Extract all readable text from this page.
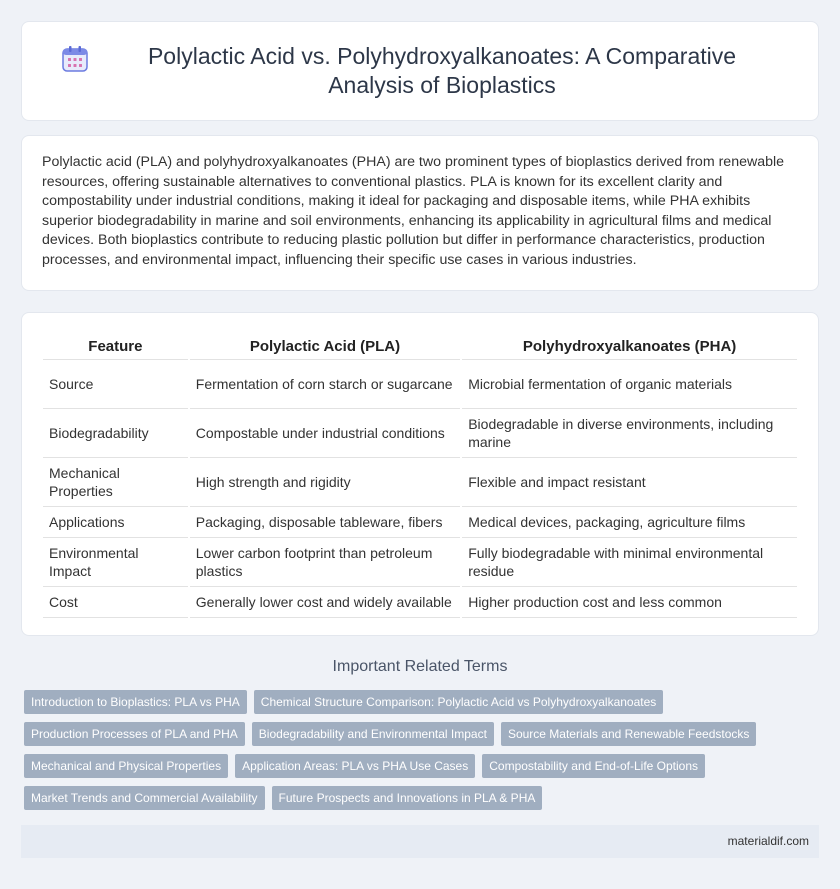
Polylactic Acid vs. Polyhydroxyalkanoates: A Comparative Analysis of Bioplastics

Polylactic acid (PLA) and polyhydroxyalkanoates (PHA) are two prominent types of bioplastics derived from renewable resources, offering sustainable alternatives to conventional plastics. PLA is known for its excellent clarity and compostability under industrial conditions, making it ideal for packaging and disposable items, while PHA exhibits superior biodegradability in marine and soil environments, enhancing its applicability in agricultural films and medical devices. Both bioplastics contribute to reducing plastic pollution but differ in performance characteristics, production processes, and environmental impact, influencing their specific use cases in various industries.

Feature	Polylactic Acid (PLA)	Polyhydroxyalkanoates (PHA)
Source	Fermentation of corn starch or sugarcane	Microbial fermentation of organic materials
Biodegradability	Compostable under industrial conditions	Biodegradable in diverse environments, including marine
Mechanical Properties	High strength and rigidity	Flexible and impact resistant
Applications	Packaging, disposable tableware, fibers	Medical devices, packaging, agriculture films
Environmental Impact	Lower carbon footprint than petroleum plastics	Fully biodegradable with minimal environmental residue
Cost	Generally lower cost and widely available	Higher production cost and less common
Important Related Terms
Introduction to Bioplastics: PLA vs PHA	Chemical Structure Comparison: Polylactic Acid vs Polyhydroxyalkanoates
Production Processes of PLA and PHA	Biodegradability and Environmental Impact	Source Materials and Renewable Feedstocks
Mechanical and Physical Properties	Application Areas: PLA vs PHA Use Cases	Compostability and End-of-Life Options
Market Trends and Commercial Availability	Future Prospects and Innovations in PLA & PHA
materialdif.com
